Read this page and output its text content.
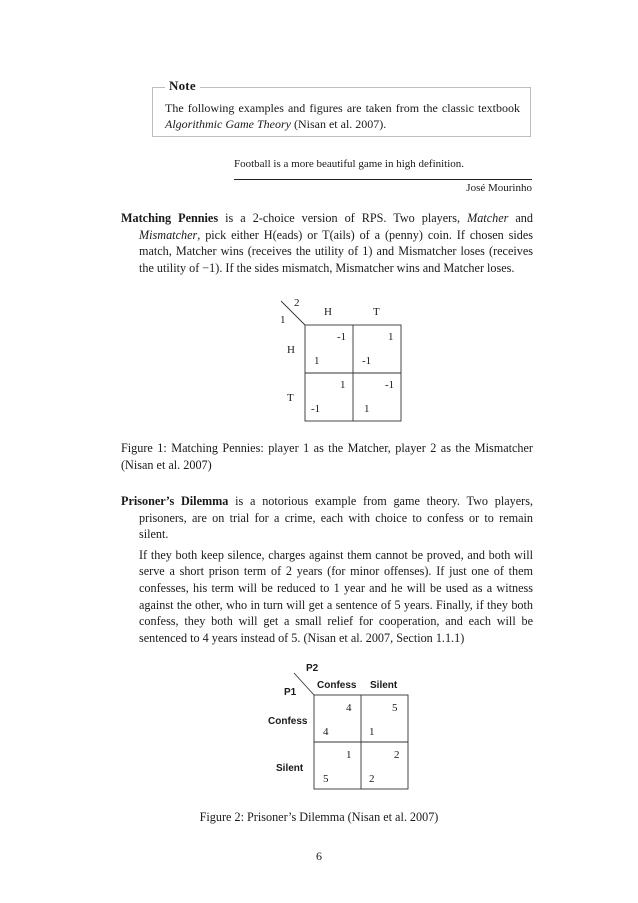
Note
The following examples and figures are taken from the classic textbook Algorithmic Game Theory (Nisan et al. 2007).
Football is a more beautiful game in high definition.
José Mourinho

Matching Pennies is a 2-choice version of RPS. Two players, Matcher and Mismatcher, pick either H(eads) or T(ails) of a (penny) coin. If chosen sides match, Matcher wins (receives the utility of 1) and Mismatcher loses (receives the utility of −1). If the sides mismatch, Mismatcher wins and Matcher loses.

2
1
H	T
H
T
-1
1
1
-1
1
-1
-1
1
Figure 1: Matching Pennies: player 1 as the Matcher, player 2 as the Mismatcher (Nisan et al. 2007)

Prisoner’s Dilemma is a notorious example from game theory. Two players, prisoners, are on trial for a crime, each with choice to confess or to remain silent.

If they both keep silence, charges against them cannot be proved, and both will serve a short prison term of 2 years (for minor offenses). If just one of them confesses, his term will be reduced to 1 year and he will be used as a witness against the other, who in turn will get a sentence of 5 years. Finally, if they both confess, they both will get a small relief for cooperation, and each will be sentenced to 4 years instead of 5. (Nisan et al. 2007, Section 1.1.1)

P2
P1
Confess Silent
Confess
Silent
4
4
5
1
1
5
2
2
Figure 2: Prisoner’s Dilemma (Nisan et al. 2007)
6
